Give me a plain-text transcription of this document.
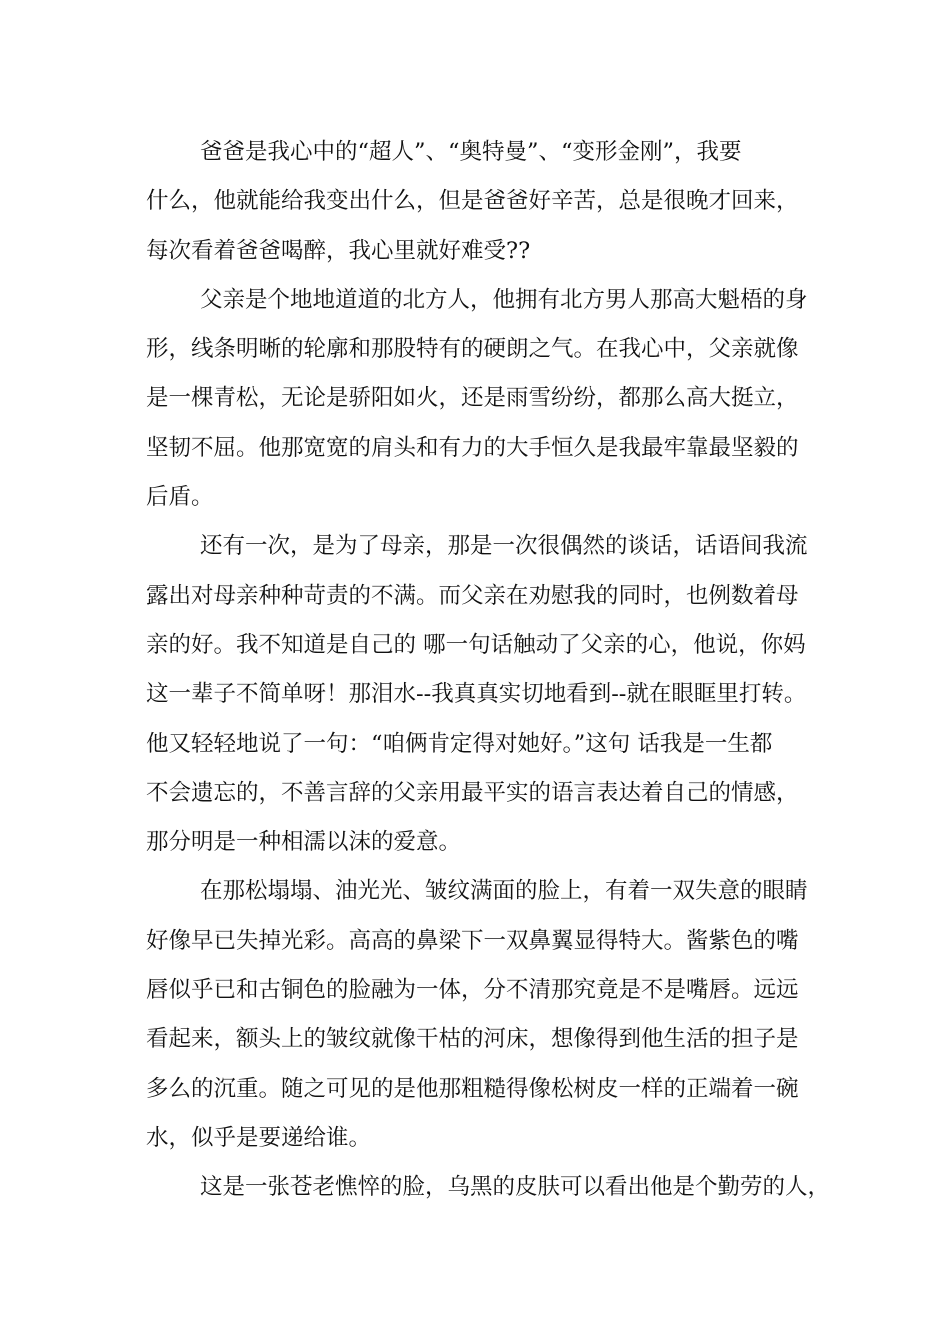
爸爸是我心中的“超人”、“奥特曼”、“变形金刚”，我要
什么，他就能给我变出什么，但是爸爸好辛苦，总是很晚才回来，
每次看着爸爸喝醉，我心里就好难受??
父亲是个地地道道的北方人，他拥有北方男人那高大魁梧的身
形，线条明晰的轮廓和那股特有的硬朗之气。在我心中，父亲就像
是一棵青松，无论是骄阳如火，还是雨雪纷纷，都那么高大挺立，
坚韧不屈。他那宽宽的肩头和有力的大手恒久是我最牢靠最坚毅的
后盾。
还有一次，是为了母亲，那是一次很偶然的谈话，话语间我流
露出对母亲种种苛责的不满。而父亲在劝慰我的同时，也例数着母
亲的好。我不知道是自己的 哪一句话触动了父亲的心，他说，你妈
这一辈子不简单呀！那泪水--我真真实切地看到--就在眼眶里打转。
他又轻轻地说了一句：“咱俩肯定得对她好。”这句 话我是一生都
不会遗忘的，不善言辞的父亲用最平实的语言表达着自己的情感，
那分明是一种相濡以沫的爱意。
在那松塌塌、油光光、皱纹满面的脸上，有着一双失意的眼睛
好像早已失掉光彩。高高的鼻梁下一双鼻翼显得特大。酱紫色的嘴
唇似乎已和古铜色的脸融为一体，分不清那究竟是不是嘴唇。远远
看起来，额头上的皱纹就像干枯的河床，想像得到他生活的担子是
多么的沉重。随之可见的是他那粗糙得像松树皮一样的正端着一碗
水，似乎是要递给谁。
这是一张苍老憔悴的脸，乌黑的皮肤可以看出他是个勤劳的人，
